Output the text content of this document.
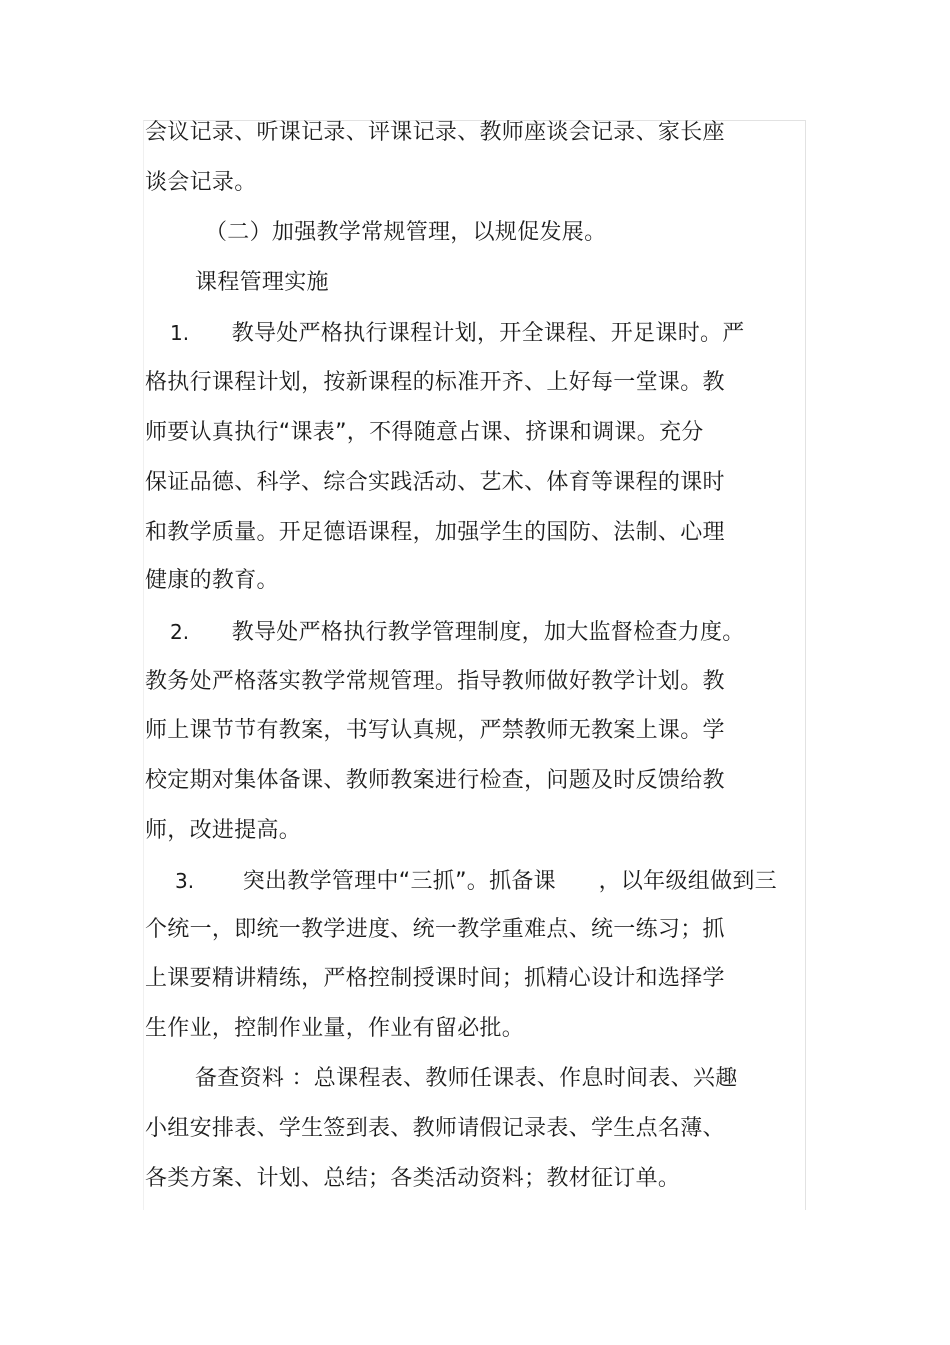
会议记录、听课记录、评课记录、教师座谈会记录、家长座
谈会记录。
（二）加强教学常规管理，以规促发展。
课程管理实施
1. 教导处严格执行课程计划，开全课程、开足课时。严
格执行课程计划，按新课程的标准开齐、上好每一堂课。教
师要认真执行“课表”，不得随意占课、挤课和调课。充分
保证品德、科学、综合实践活动、艺术、体育等课程的课时
和教学质量。开足德语课程，加强学生的国防、法制、心理
健康的教育。
2. 教导处严格执行教学管理制度，加大监督检查力度。
教务处严格落实教学常规管理。指导教师做好教学计划。教
师上课节节有教案，书写认真规，严禁教师无教案上课。学
校定期对集体备课、教师教案进行检查，问题及时反馈给教
师，改进提高。
3. 突出教学管理中“三抓”。抓备课 ，以年级组做到三
个统一，即统一教学进度、统一教学重难点、统一练习；抓
上课要精讲精练，严格控制授课时间；抓精心设计和选择学
生作业，控制作业量，作业有留必批。
备查资料 ：总课程表、教师任课表、作息时间表、兴趣
小组安排表、学生签到表、教师请假记录表、学生点名薄、
各类方案、计划、总结；各类活动资料；教材征订单。
